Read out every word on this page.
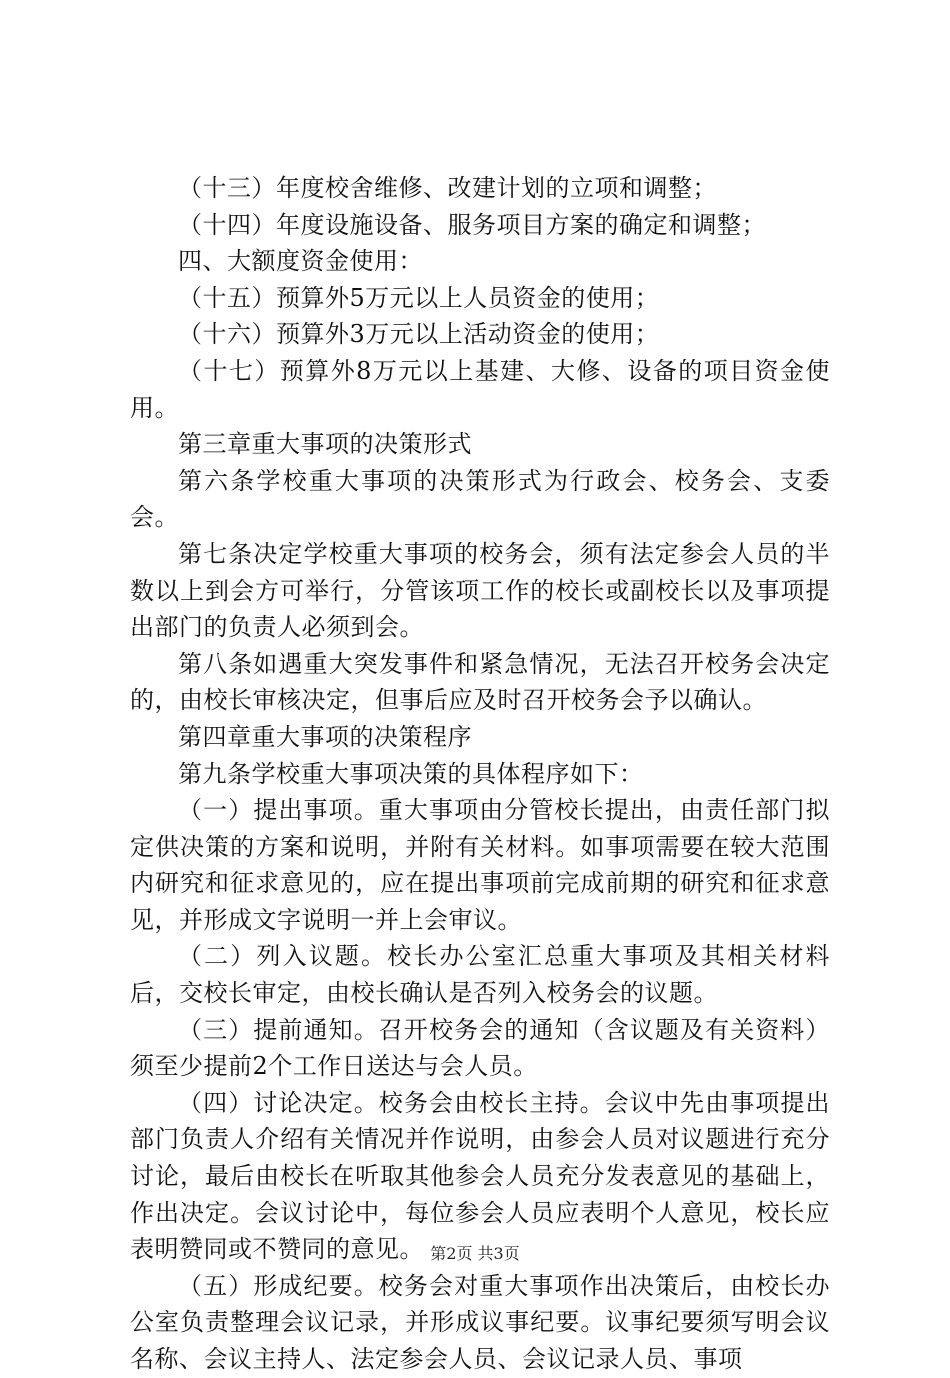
（十三）年度校舍维修、改建计划的立项和调整；

（十四）年度设施设备、服务项目方案的确定和调整；

四、大额度资金使用：

（十五）预算外5万元以上人员资金的使用；

（十六）预算外3万元以上活动资金的使用；

（十七）预算外8万元以上基建、大修、设备的项目资金使用。

第三章重大事项的决策形式

第六条学校重大事项的决策形式为行政会、校务会、支委会。

第七条决定学校重大事项的校务会，须有法定参会人员的半数以上到会方可举行，分管该项工作的校长或副校长以及事项提出部门的负责人必须到会。

第八条如遇重大突发事件和紧急情况，无法召开校务会决定的，由校长审核决定，但事后应及时召开校务会予以确认。

第四章重大事项的决策程序

第九条学校重大事项决策的具体程序如下：

（一）提出事项。重大事项由分管校长提出，由责任部门拟定供决策的方案和说明，并附有关材料。如事项需要在较大范围内研究和征求意见的，应在提出事项前完成前期的研究和征求意见，并形成文字说明一并上会审议。

（二）列入议题。校长办公室汇总重大事项及其相关材料后，交校长审定，由校长确认是否列入校务会的议题。

（三）提前通知。召开校务会的通知（含议题及有关资料）须至少提前2个工作日送达与会人员。

（四）讨论决定。校务会由校长主持。会议中先由事项提出部门负责人介绍有关情况并作说明，由参会人员对议题进行充分讨论，最后由校长在听取其他参会人员充分发表意见的基础上，作出决定。会议讨论中，每位参会人员应表明个人意见，校长应表明赞同或不赞同的意见。

（五）形成纪要。校务会对重大事项作出决策后，由校长办公室负责整理会议记录，并形成议事纪要。议事纪要须写明会议名称、会议主持人、法定参会人员、会议记录人员、事项

第2页 共3页
